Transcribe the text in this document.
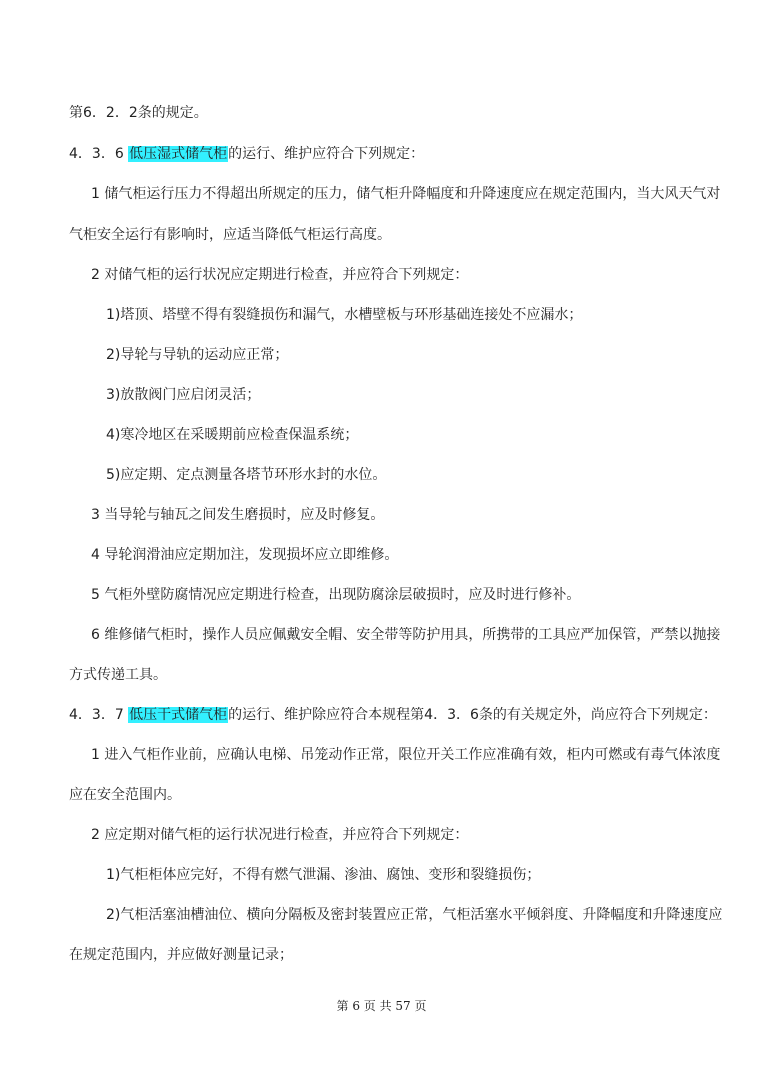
第6．2．2条的规定。
4．3．6 低压湿式储气柜的运行、维护应符合下列规定：
1 储气柜运行压力不得超出所规定的压力，储气柜升降幅度和升降速度应在规定范围内，当大风天气对
气柜安全运行有影响时，应适当降低气柜运行高度。
2 对储气柜的运行状况应定期进行检查，并应符合下列规定：
1)塔顶、塔壁不得有裂缝损伤和漏气，水槽壁板与环形基础连接处不应漏水；
2)导轮与导轨的运动应正常；
3)放散阀门应启闭灵活；
4)寒冷地区在采暖期前应检查保温系统；
5)应定期、定点测量各塔节环形水封的水位。
3 当导轮与轴瓦之间发生磨损时，应及时修复。
4 导轮润滑油应定期加注，发现损坏应立即维修。
5 气柜外壁防腐情况应定期进行检查，出现防腐涂层破损时，应及时进行修补。
6 维修储气柜时，操作人员应佩戴安全帽、安全带等防护用具，所携带的工具应严加保管，严禁以抛接
方式传递工具。
4．3．7 低压干式储气柜的运行、维护除应符合本规程第4．3．6条的有关规定外，尚应符合下列规定：
1 进入气柜作业前，应确认电梯、吊笼动作正常，限位开关工作应准确有效，柜内可燃或有毒气体浓度
应在安全范围内。
2 应定期对储气柜的运行状况进行检查，并应符合下列规定：
1)气柜柜体应完好，不得有燃气泄漏、渗油、腐蚀、变形和裂缝损伤；
2)气柜活塞油槽油位、横向分隔板及密封装置应正常，气柜活塞水平倾斜度、升降幅度和升降速度应
在规定范围内，并应做好测量记录；
第 6 页 共 57 页
